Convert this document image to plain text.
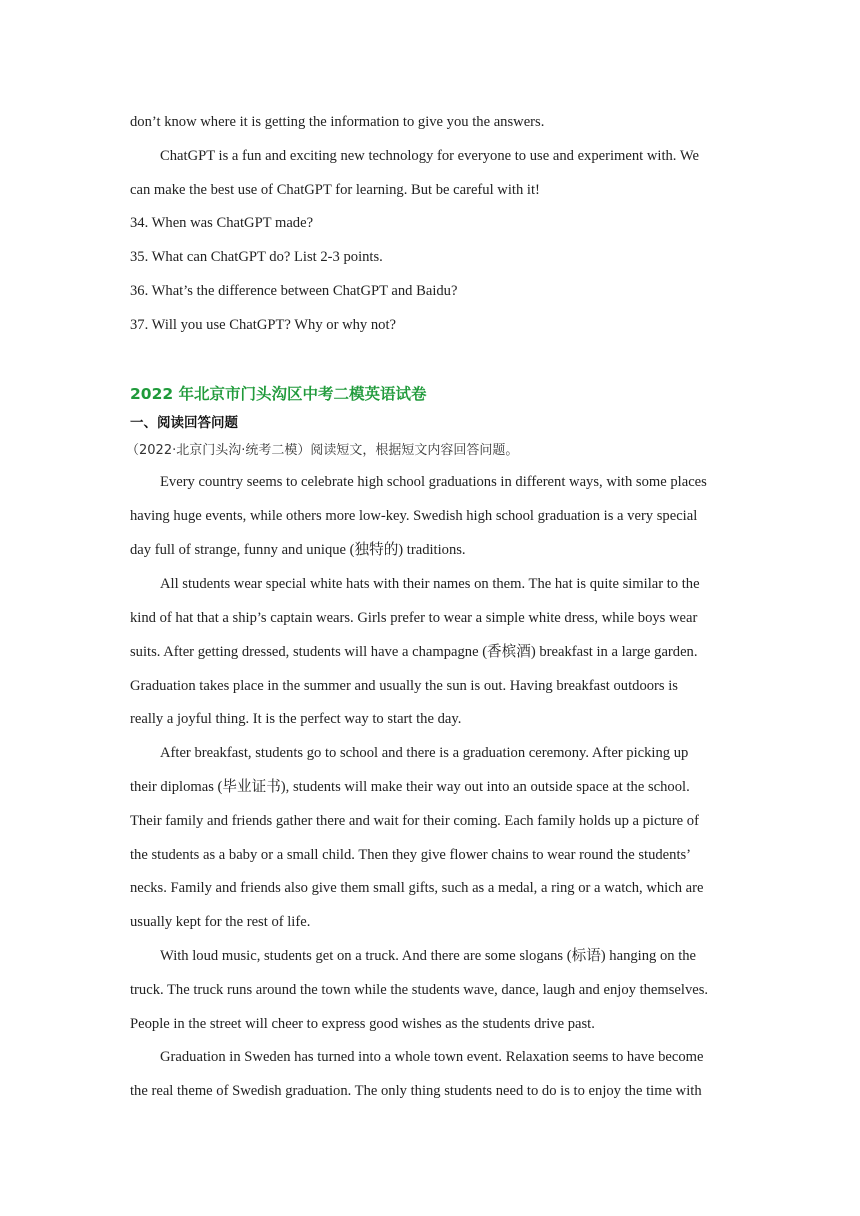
don’t know where it is getting the information to give you the answers.
ChatGPT is a fun and exciting new technology for everyone to use and experiment with. We
can make the best use of ChatGPT for learning. But be careful with it!
34. When was ChatGPT made?
35. What can ChatGPT do? List 2-3 points.
36. What’s the difference between ChatGPT and Baidu?
37. Will you use ChatGPT? Why or why not?
2022 年北京市门头沟区中考二模英语试卷
一、阅读回答问题
（2022·北京门头沟·统考二模）阅读短文，根据短文内容回答问题。
Every country seems to celebrate high school graduations in different ways, with some places
having huge events, while others more low-key. Swedish high school graduation is a very special
day full of strange, funny and unique (独特的) traditions.
All students wear special white hats with their names on them. The hat is quite similar to the
kind of hat that a ship’s captain wears. Girls prefer to wear a simple white dress, while boys wear
suits. After getting dressed, students will have a champagne (香槟酒) breakfast in a large garden.
Graduation takes place in the summer and usually the sun is out. Having breakfast outdoors is
really a joyful thing. It is the perfect way to start the day.
After breakfast, students go to school and there is a graduation ceremony. After picking up
their diplomas (毕业证书), students will make their way out into an outside space at the school.
Their family and friends gather there and wait for their coming. Each family holds up a picture of
the students as a baby or a small child. Then they give flower chains to wear round the students’
necks. Family and friends also give them small gifts, such as a medal, a ring or a watch, which are
usually kept for the rest of life.
With loud music, students get on a truck. And there are some slogans (标语) hanging on the
truck. The truck runs around the town while the students wave, dance, laugh and enjoy themselves.
People in the street will cheer to express good wishes as the students drive past.
Graduation in Sweden has turned into a whole town event. Relaxation seems to have become
the real theme of Swedish graduation. The only thing students need to do is to enjoy the time with
